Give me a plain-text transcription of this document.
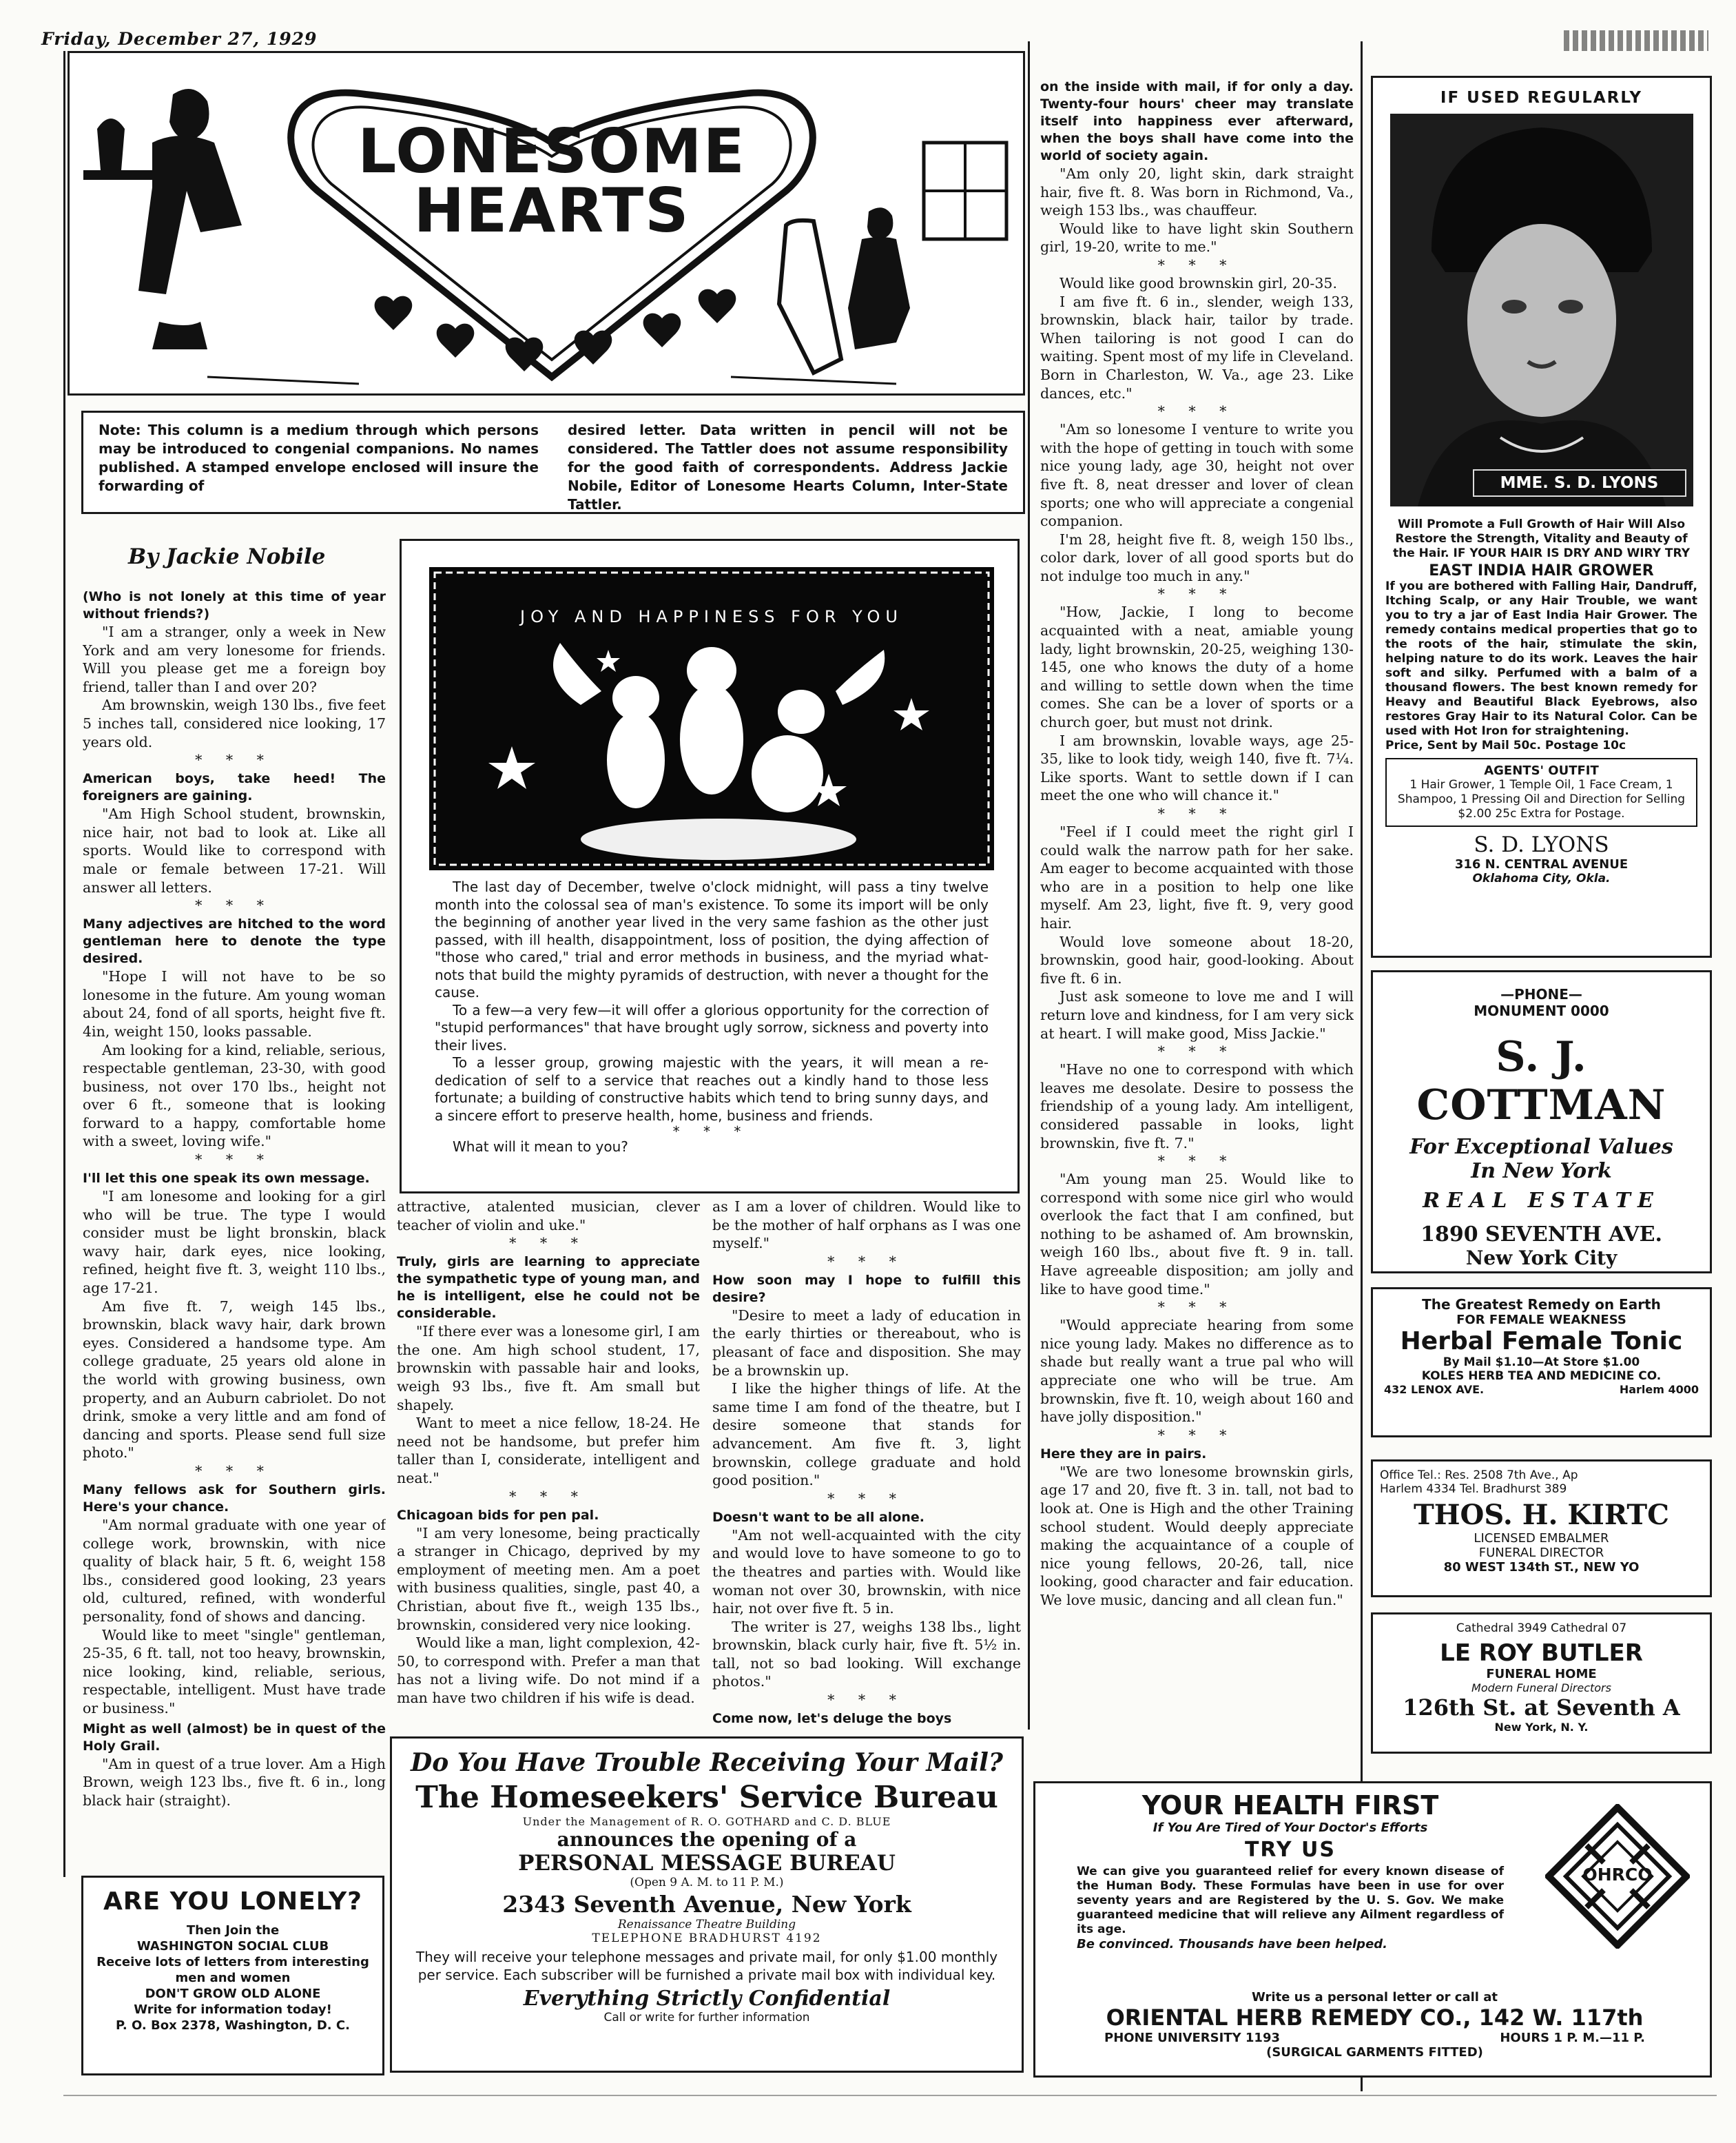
Friday, December 27, 1929
LONESOME
HEARTS
Note: This column is a medium through which persons may be introduced to congenial companions. No names published. A stamped envelope enclosed will insure the forwarding of
desired letter. Data written in pencil will not be considered. The Tattler does not assume responsibility for the good faith of correspondents. Address Jackie Nobile, Editor of Lonesome Hearts Column, Inter-State Tattler.
By Jackie Nobile

(Who is not lonely at this time of year without friends?)

"I am a stranger, only a week in New York and am very lonesome for friends. Will you please get me a foreign boy friend, taller than I and over 20?

Am brownskin, weigh 130 lbs., five feet 5 inches tall, considered nice looking, 17 years old.

* * *

American boys, take heed! The foreigners are gaining.

"Am High School student, brownskin, nice hair, not bad to look at. Like all sports. Would like to correspond with male or female between 17-21. Will answer all letters.

* * *

Many adjectives are hitched to the word gentleman here to denote the type desired.

"Hope I will not have to be so lonesome in the future. Am young woman about 24, fond of all sports, height five ft. 4in, weight 150, looks passable.

Am looking for a kind, reliable, serious, respectable gentleman, 23-30, with good business, not over 170 lbs., height not over 6 ft., someone that is looking forward to a happy, comfortable home with a sweet, loving wife."

* * *

I'll let this one speak its own message.

"I am lonesome and looking for a girl who will be true. The type I would consider must be light bronskin, black wavy hair, dark eyes, nice looking, refined, height five ft. 3, weight 110 lbs., age 17-21.

Am five ft. 7, weigh 145 lbs., brownskin, black wavy hair, dark brown eyes. Considered a handsome type. Am college graduate, 25 years old alone in the world with growing business, own property, and an Auburn cabriolet. Do not drink, smoke a very little and am fond of dancing and sports. Please send full size photo."

* * *

Many fellows ask for Southern girls. Here's your chance.

"Am normal graduate with one year of college work, brownskin, with nice quality of black hair, 5 ft. 6, weight 158 lbs., considered good looking, 23 years old, cultured, refined, with wonderful personality, fond of shows and dancing.

Would like to meet "single" gentleman, 25-35, 6 ft. tall, not too heavy, brownskin, nice looking, kind, reliable, serious, respectable, intelligent. Must have trade or business."

Might as well (almost) be in quest of the Holy Grail.

"Am in quest of a true lover. Am a High Brown, weigh 123 lbs., five ft. 6 in., long black hair (straight).

JOY AND HAPPINESS FOR YOU

The last day of December, twelve o'clock midnight, will pass a tiny twelve month into the colossal sea of man's existence. To some its import will be only the beginning of another year lived in the very same fashion as the other just passed, with ill health, disappointment, loss of position, the dying affection of "those who cared," trial and error methods in business, and the myriad what-nots that build the mighty pyramids of destruction, with never a thought for the cause.

To a few—a very few—it will offer a glorious opportunity for the correction of "stupid performances" that have brought ugly sorrow, sickness and poverty into their lives.

To a lesser group, growing majestic with the years, it will mean a re-dedication of self to a service that reaches out a kindly hand to those less fortunate; a building of constructive habits which tend to bring sunny days, and a sincere effort to preserve health, home, business and friends.

* * *

What will it mean to you?

attractive, atalented musician, clever teacher of violin and uke."

* * *

Truly, girls are learning to appreciate the sympathetic type of young man, and he is intelligent, else he could not be considerable.

"If there ever was a lonesome girl, I am the one. Am high school student, 17, brownskin with passable hair and looks, weigh 93 lbs., five ft. Am small but shapely.

Want to meet a nice fellow, 18-24. He need not be handsome, but prefer him taller than I, considerate, intelligent and neat."

* * *

Chicagoan bids for pen pal.

"I am very lonesome, being practically a stranger in Chicago, deprived by my employment of meeting men. Am a poet with business qualities, single, past 40, a Christian, about five ft., weigh 135 lbs., brownskin, considered very nice looking.

Would like a man, light complexion, 42-50, to correspond with. Prefer a man that has not a living wife. Do not mind if a man have two children if his wife is dead.

as I am a lover of children. Would like to be the mother of half orphans as I was one myself."

* * *

How soon may I hope to fulfill this desire?

"Desire to meet a lady of education in the early thirties or thereabout, who is pleasant of face and disposition. She may be a brownskin up.

I like the higher things of life. At the same time I am fond of the theatre, but I desire someone that stands for advancement. Am five ft. 3, light brownskin, college graduate and hold good position."

* * *

Doesn't want to be all alone.

"Am not well-acquainted with the city and would love to have someone to go to the theatres and parties with. Would like woman not over 30, brownskin, with nice hair, not over five ft. 5 in.

The writer is 27, weighs 138 lbs., light brownskin, black curly hair, five ft. 5½ in. tall, not so bad looking. Will exchange photos."

* * *

Come now, let's deluge the boys

on the inside with mail, if for only a day. Twenty-four hours' cheer may translate itself into happiness ever afterward, when the boys shall have come into the world of society again.

"Am only 20, light skin, dark straight hair, five ft. 8. Was born in Richmond, Va., weigh 153 lbs., was chauffeur.

Would like to have light skin Southern girl, 19-20, write to me."

* * *

Would like good brownskin girl, 20-35.

I am five ft. 6 in., slender, weigh 133, brownskin, black hair, tailor by trade. When tailoring is not good I can do waiting. Spent most of my life in Cleveland. Born in Charleston, W. Va., age 23. Like dances, etc."

* * *

"Am so lonesome I venture to write you with the hope of getting in touch with some nice young lady, age 30, height not over five ft. 8, neat dresser and lover of clean sports; one who will appreciate a congenial companion.

I'm 28, height five ft. 8, weigh 150 lbs., color dark, lover of all good sports but do not indulge too much in any."

* * *

"How, Jackie, I long to become acquainted with a neat, amiable young lady, light brownskin, 20-25, weighing 130-145, one who knows the duty of a home and willing to settle down when the time comes. She can be a lover of sports or a church goer, but must not drink.

I am brownskin, lovable ways, age 25-35, like to look tidy, weigh 140, five ft. 7¼. Like sports. Want to settle down if I can meet the one who will chance it."

* * *

"Feel if I could meet the right girl I could walk the narrow path for her sake. Am eager to become acquainted with those who are in a position to help one like myself. Am 23, light, five ft. 9, very good hair.

Would love someone about 18-20, brownskin, good hair, good-looking. About five ft. 6 in.

Just ask someone to love me and I will return love and kindness, for I am very sick at heart. I will make good, Miss Jackie."

* * *

"Have no one to correspond with which leaves me desolate. Desire to possess the friendship of a young lady. Am intelligent, considered passable in looks, light brownskin, five ft. 7."

* * *

"Am young man 25. Would like to correspond with some nice girl who would overlook the fact that I am confined, but nothing to be ashamed of. Am brownskin, weigh 160 lbs., about five ft. 9 in. tall. Have agreeable disposition; am jolly and like to have good time."

* * *

"Would appreciate hearing from some nice young lady. Makes no difference as to shade but really want a true pal who will appreciate one who will be true. Am brownskin, five ft. 10, weigh about 160 and have jolly disposition."

* * *

Here they are in pairs.

"We are two lonesome brownskin girls, age 17 and 20, five ft. 3 in. tall, not bad to look at. One is High and the other Training school student. Would deeply appreciate making the acquaintance of a couple of nice young fellows, 20-26, tall, nice looking, good character and fair education. We love music, dancing and all clean fun."

ARE YOU LONELY?
Then Join the
WASHINGTON SOCIAL CLUB
Receive lots of letters from interesting men and women
DON'T GROW OLD ALONE
Write for information today!
P. O. Box 2378, Washington, D. C.
Do You Have Trouble Receiving Your Mail?
The Homeseekers' Service Bureau
Under the Management of R. O. GOTHARD and C. D. BLUE
announces the opening of a
PERSONAL MESSAGE BUREAU
(Open 9 A. M. to 11 P. M.)
2343 Seventh Avenue, New York
Renaissance Theatre Building
TELEPHONE BRADHURST 4192
They will receive your telephone messages and private mail, for only $1.00 monthly per service. Each subscriber will be furnished a private mail box with individual key.
Everything Strictly Confidential
Call or write for further information
IF USED REGULARLY
MME. S. D. LYONS
Will Promote a Full Growth of Hair Will Also Restore the Strength, Vitality and Beauty of the Hair. IF YOUR HAIR IS DRY AND WIRY TRY
EAST INDIA HAIR GROWER
If you are bothered with Falling Hair, Dandruff, Itching Scalp, or any Hair Trouble, we want you to try a jar of East India Hair Grower. The remedy contains medical properties that go to the roots of the hair, stimulate the skin, helping nature to do its work. Leaves the hair soft and silky. Perfumed with a balm of a thousand flowers. The best known remedy for Heavy and Beautiful Black Eyebrows, also restores Gray Hair to its Natural Color. Can be used with Hot Iron for straightening.
Price, Sent by Mail 50c. Postage 10c
AGENTS' OUTFIT
1 Hair Grower, 1 Temple Oil, 1 Face Cream, 1 Shampoo, 1 Pressing Oil and Direction for Selling $2.00 25c Extra for Postage.
S. D. LYONS
316 N. CENTRAL AVENUE
Oklahoma City, Okla.
—PHONE—
MONUMENT 0000
S. J. COTTMAN
For Exceptional Values
In New York
REAL ESTATE
1890 SEVENTH AVE.
New York City
The Greatest Remedy on Earth
FOR FEMALE WEAKNESS
Herbal Female Tonic
By Mail $1.10—At Store $1.00
KOLES HERB TEA AND MEDICINE CO.
432 LENOX AVE.	Harlem 4000
Office Tel.: Res. 2508 7th Ave., Ap
Harlem 4334 Tel. Bradhurst 389
THOS. H. KIRTC
LICENSED EMBALMER
FUNERAL DIRECTOR
80 WEST 134th ST., NEW YO
Cathedral 3949 Cathedral 07
LE ROY BUTLER
FUNERAL HOME
Modern Funeral Directors
126th St. at Seventh A
New York, N. Y.
YOUR HEALTH FIRST
If You Are Tired of Your Doctor's Efforts
TRY US
We can give you guaranteed relief for every known disease of the Human Body. These Formulas have been in use for over seventy years and are Registered by the U. S. Gov. We make guaranteed medicine that will relieve any Ailment regardless of its age.
Be convinced. Thousands have been helped.
OHRCO
Write us a personal letter or call at
ORIENTAL HERB REMEDY CO., 142 W. 117th
PHONE UNIVERSITY 1193	HOURS 1 P. M.—11 P.
(SURGICAL GARMENTS FITTED)
